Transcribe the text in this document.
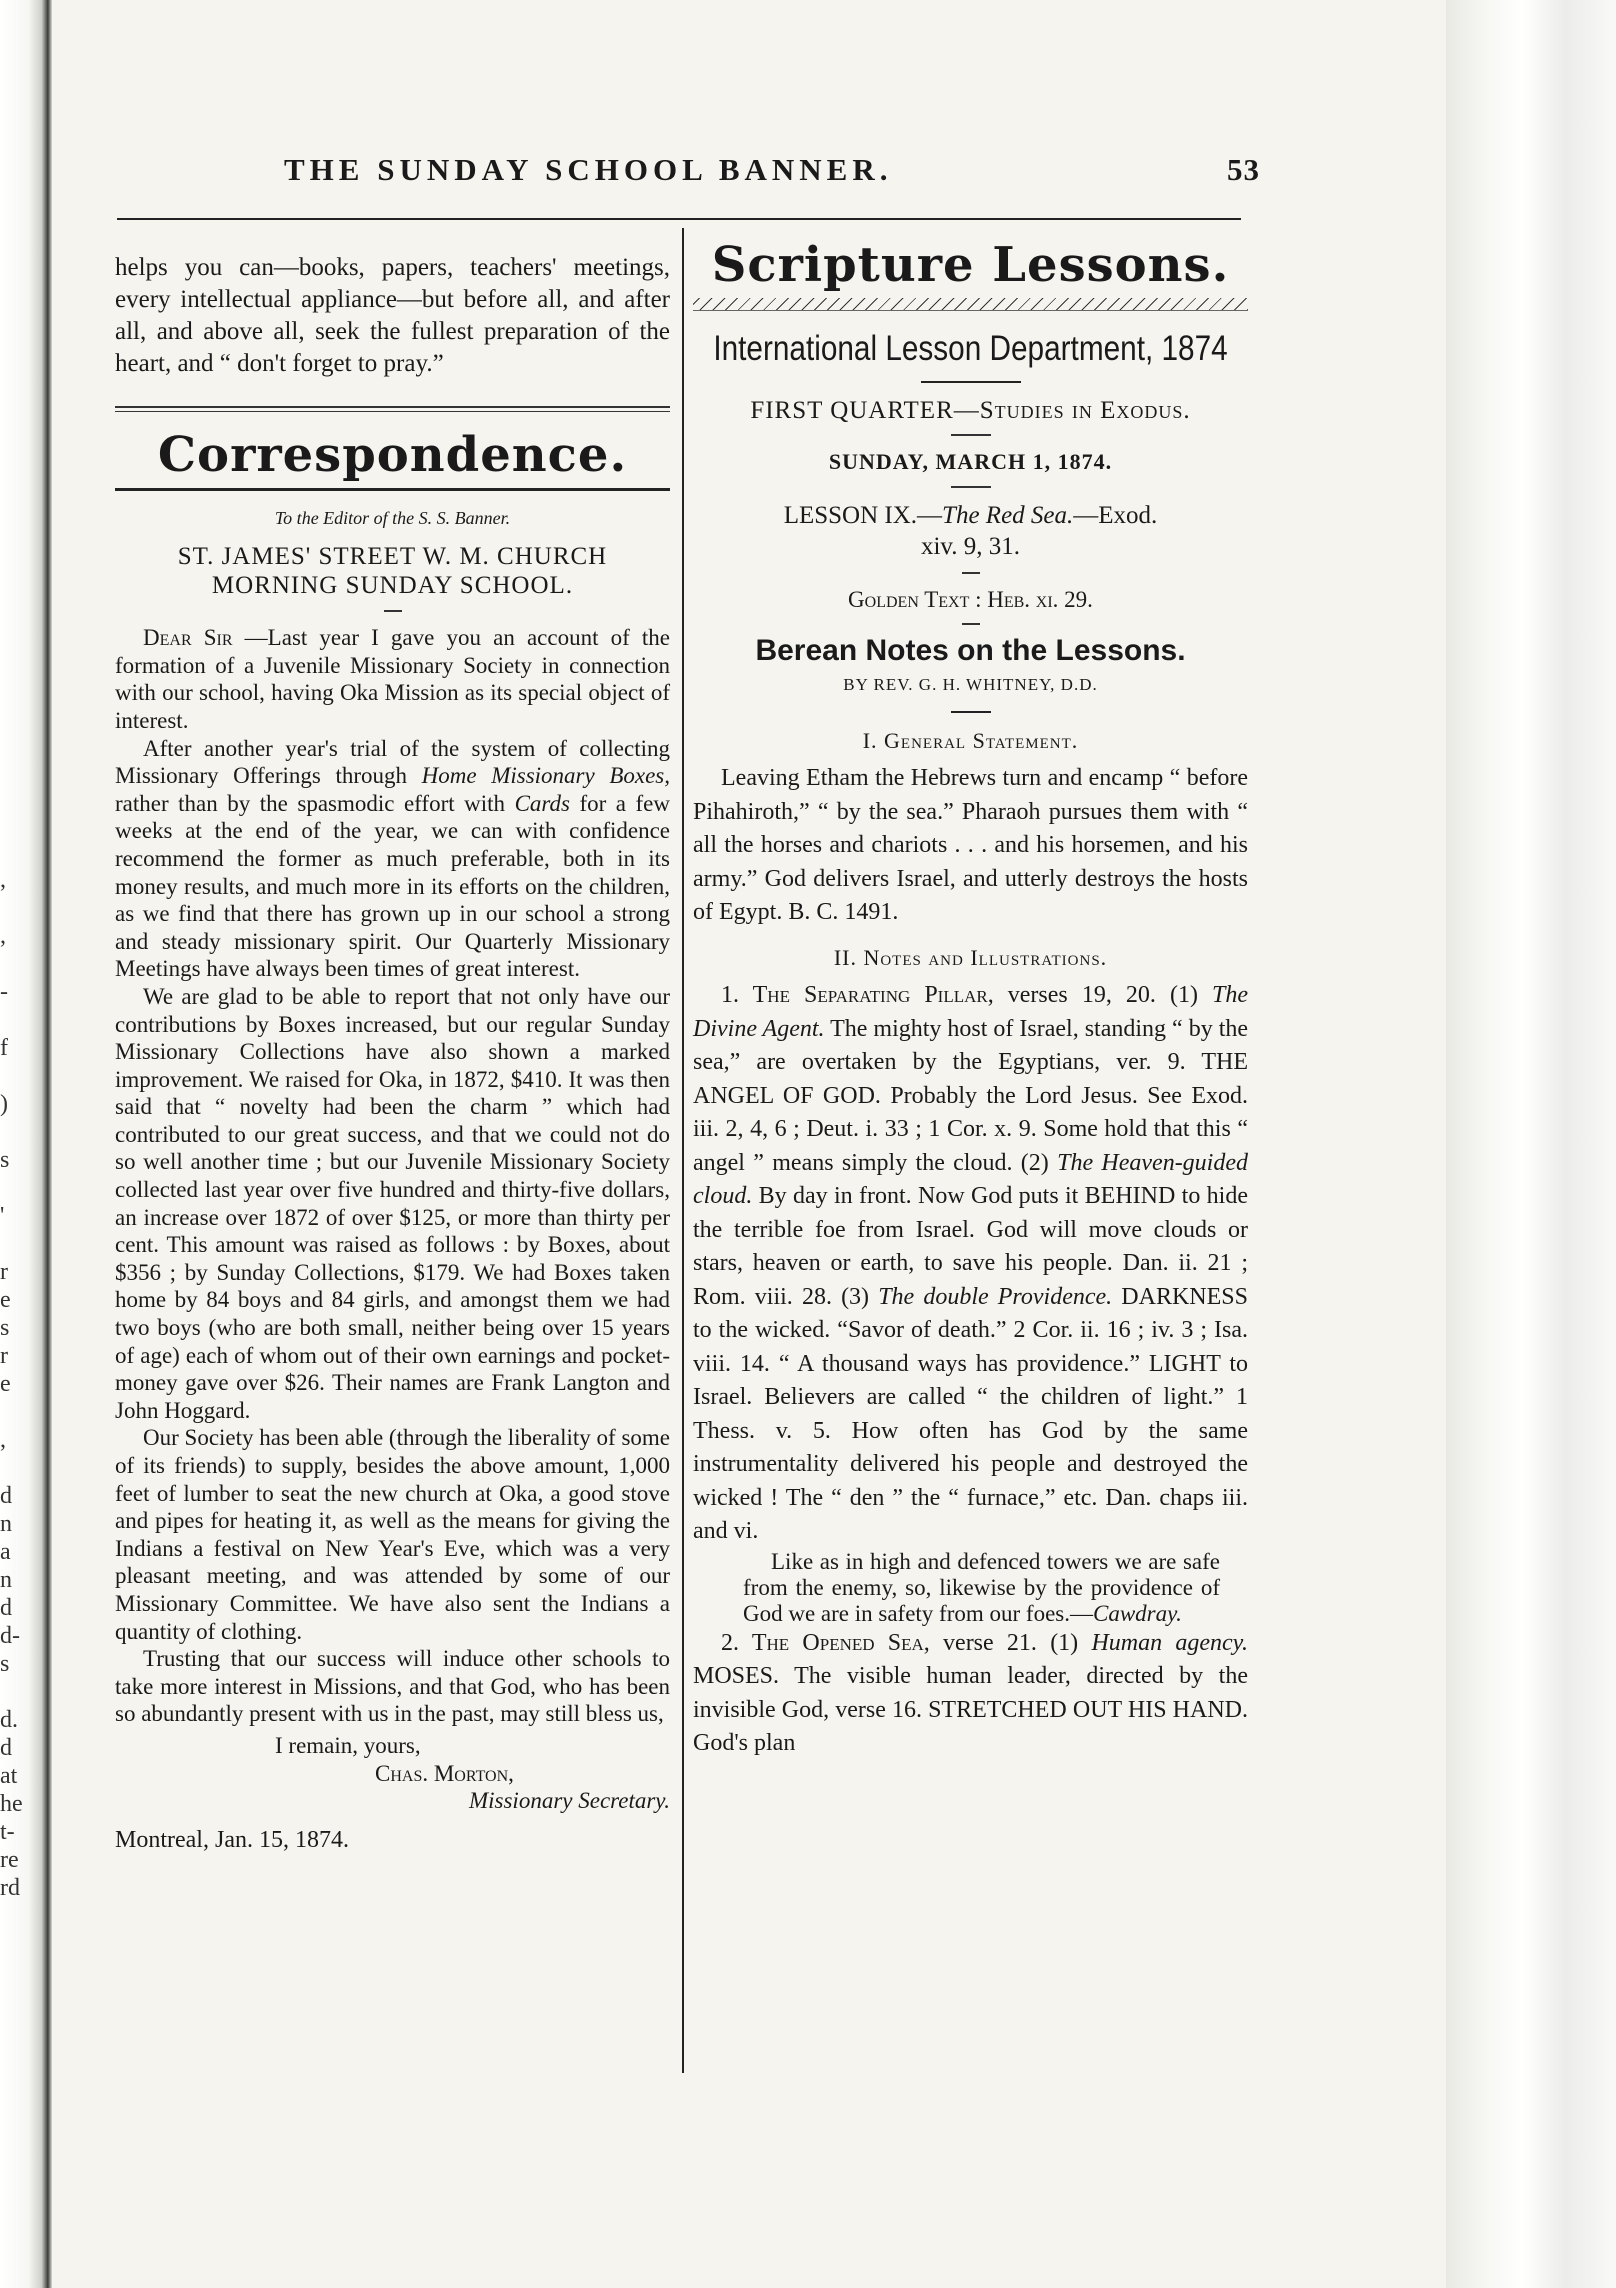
,
,
-
f
)
s
'
r
e
s
r
e
,
d
n
a
n
d
d-
s
d.
d
at
he
t-
re
rd
THE SUNDAY SCHOOL BANNER.	53

helps you can—books, papers, teachers' meetings, every intellectual appliance—but before all, and after all, and above all, seek the fullest preparation of the heart, and “ don't forget to pray.”

Correspondence.
To the Editor of the S. S. Banner.
ST. JAMES' STREET W. M. CHURCH
MORNING SUNDAY SCHOOL.

Dear Sir —Last year I gave you an account of the formation of a Juvenile Missionary Society in connection with our school, having Oka Mission as its special object of interest.

After another year's trial of the system of collecting Missionary Offerings through Home Missionary Boxes, rather than by the spasmodic effort with Cards for a few weeks at the end of the year, we can with confidence recommend the former as much preferable, both in its money results, and much more in its efforts on the children, as we find that there has grown up in our school a strong and steady missionary spirit. Our Quarterly Missionary Meetings have always been times of great interest.

We are glad to be able to report that not only have our contributions by Boxes increased, but our regular Sunday Missionary Collections have also shown a marked improvement. We raised for Oka, in 1872, $410. It was then said that “ novelty had been the charm ” which had contributed to our great success, and that we could not do so well another time ; but our Juvenile Missionary Society collected last year over five hundred and thirty-five dollars, an increase over 1872 of over $125, or more than thirty per cent. This amount was raised as follows : by Boxes, about $356 ; by Sunday Collections, $179. We had Boxes taken home by 84 boys and 84 girls, and amongst them we had two boys (who are both small, neither being over 15 years of age) each of whom out of their own earnings and pocket-money gave over $26. Their names are Frank Langton and John Hoggard.

Our Society has been able (through the liberality of some of its friends) to supply, besides the above amount, 1,000 feet of lumber to seat the new church at Oka, a good stove and pipes for heating it, as well as the means for giving the Indians a festival on New Year's Eve, which was a very pleasant meeting, and was attended by some of our Missionary Committee. We have also sent the Indians a quantity of clothing.

Trusting that our success will induce other schools to take more interest in Missions, and that God, who has been so abundantly present with us in the past, may still bless us,

I remain, yours,
Chas. Morton,
Missionary Secretary.
Montreal, Jan. 15, 1874.
Scripture Lessons.
International Lesson Department, 1874
FIRST QUARTER—Studies in Exodus.
SUNDAY, MARCH 1, 1874.
LESSON IX.—The Red Sea.—Exod.
xiv. 9, 31.
Golden Text : Heb. xi. 29.
Berean Notes on the Lessons.
BY REV. G. H. WHITNEY, D.D.
I. General Statement.

Leaving Etham the Hebrews turn and encamp “ before Pihahiroth,” “ by the sea.” Pharaoh pursues them with “ all the horses and chariots . . . and his horsemen, and his army.” God delivers Israel, and utterly destroys the hosts of Egypt. B. C. 1491.

II. Notes and Illustrations.

1. The Separating Pillar, verses 19, 20. (1) The Divine Agent. The mighty host of Israel, standing “ by the sea,” are overtaken by the Egyptians, ver. 9. THE ANGEL OF GOD. Probably the Lord Jesus. See Exod. iii. 2, 4, 6 ; Deut. i. 33 ; 1 Cor. x. 9. Some hold that this “ angel ” means simply the cloud. (2) The Heaven-guided cloud. By day in front. Now God puts it BEHIND to hide the terrible foe from Israel. God will move clouds or stars, heaven or earth, to save his people. Dan. ii. 21 ; Rom. viii. 28. (3) The double Providence. DARKNESS to the wicked. “Savor of death.” 2 Cor. ii. 16 ; iv. 3 ; Isa. viii. 14. “ A thousand ways has providence.” LIGHT to Israel. Believers are called “ the children of light.” 1 Thess. v. 5. How often has God by the same instrumentality delivered his people and destroyed the wicked ! The “ den ” the “ furnace,” etc. Dan. chaps iii. and vi.

Like as in high and defenced towers we are safe from the enemy, so, likewise by the providence of God we are in safety from our foes.—Cawdray.

2. The Opened Sea, verse 21. (1) Human agency. MOSES. The visible human leader, directed by the invisible God, verse 16. STRETCHED OUT HIS HAND. God's plan
